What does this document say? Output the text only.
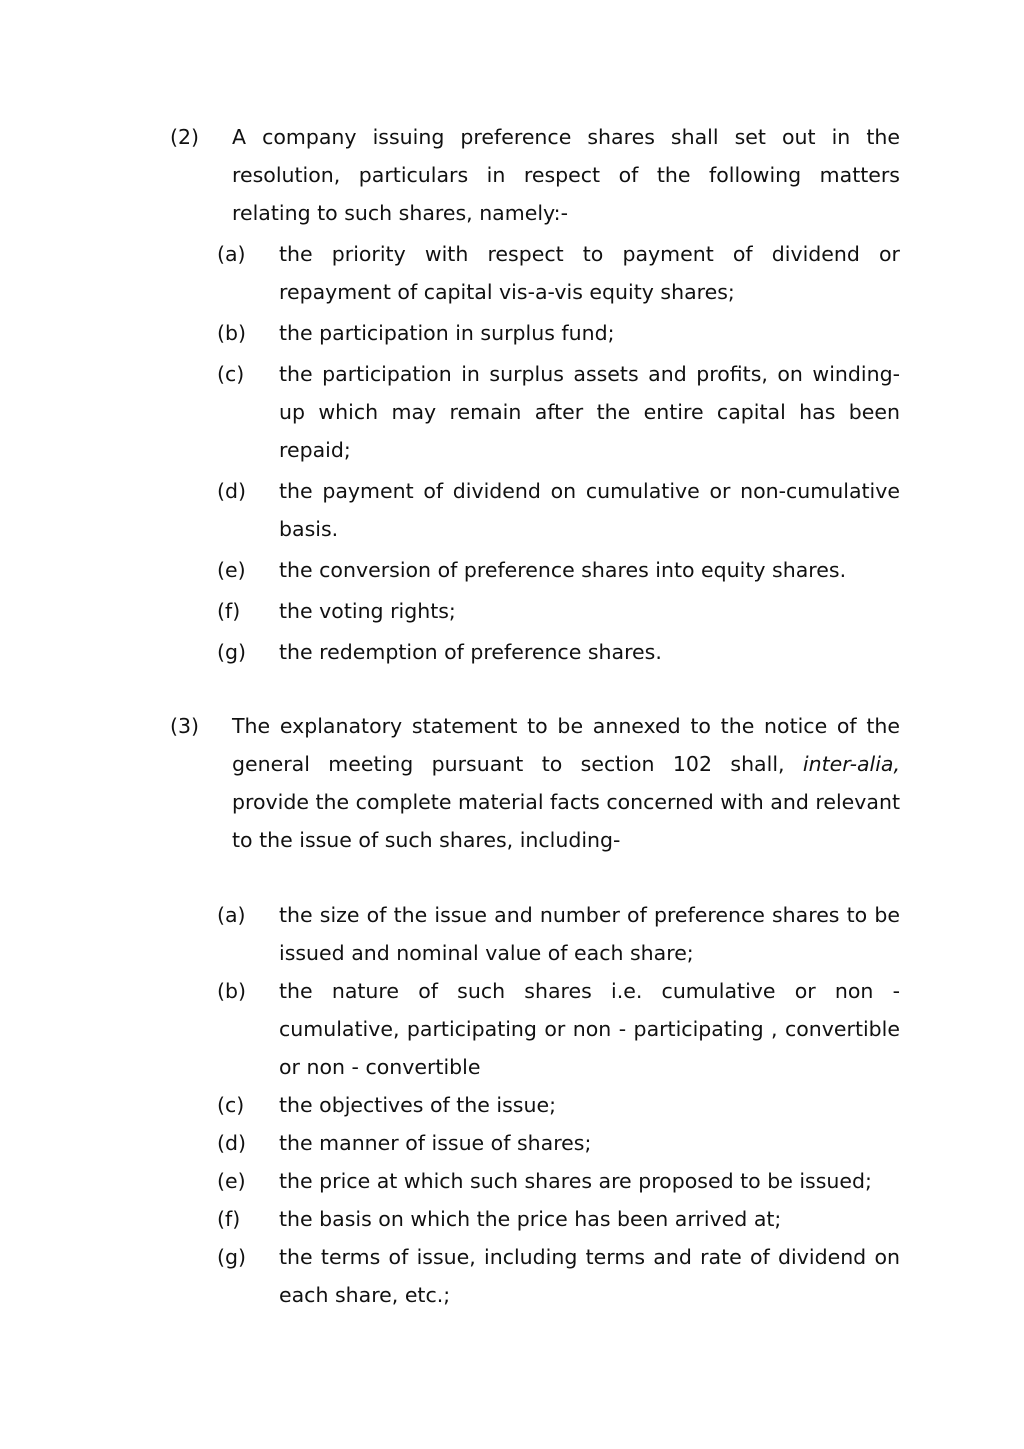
(2) A company issuing preference shares shall set out in the resolution, particulars in respect of the following matters relating to such shares, namely:-
(a) the priority with respect to payment of dividend or repayment of capital vis-a-vis equity shares;
(b) the participation in surplus fund;
(c) the participation in surplus assets and profits, on winding-up which may remain after the entire capital has been repaid;
(d) the payment of dividend on cumulative or non-cumulative basis.
(e) the conversion of preference shares into equity shares.
(f) the voting rights;
(g) the redemption of preference shares.
(3) The explanatory statement to be annexed to the notice of the general meeting pursuant to section 102 shall, inter-alia, provide the complete material facts concerned with and relevant to the issue of such shares, including-
(a) the size of the issue and number of preference shares to be issued and nominal value of each share;
(b) the nature of such shares i.e. cumulative or non - cumulative, participating or non - participating , convertible or non - convertible
(c) the objectives of the issue;
(d) the manner of issue of shares;
(e) the price at which such shares are proposed to be issued;
(f) the basis on which the price has been arrived at;
(g) the terms of issue, including terms and rate of dividend on each share, etc.;
